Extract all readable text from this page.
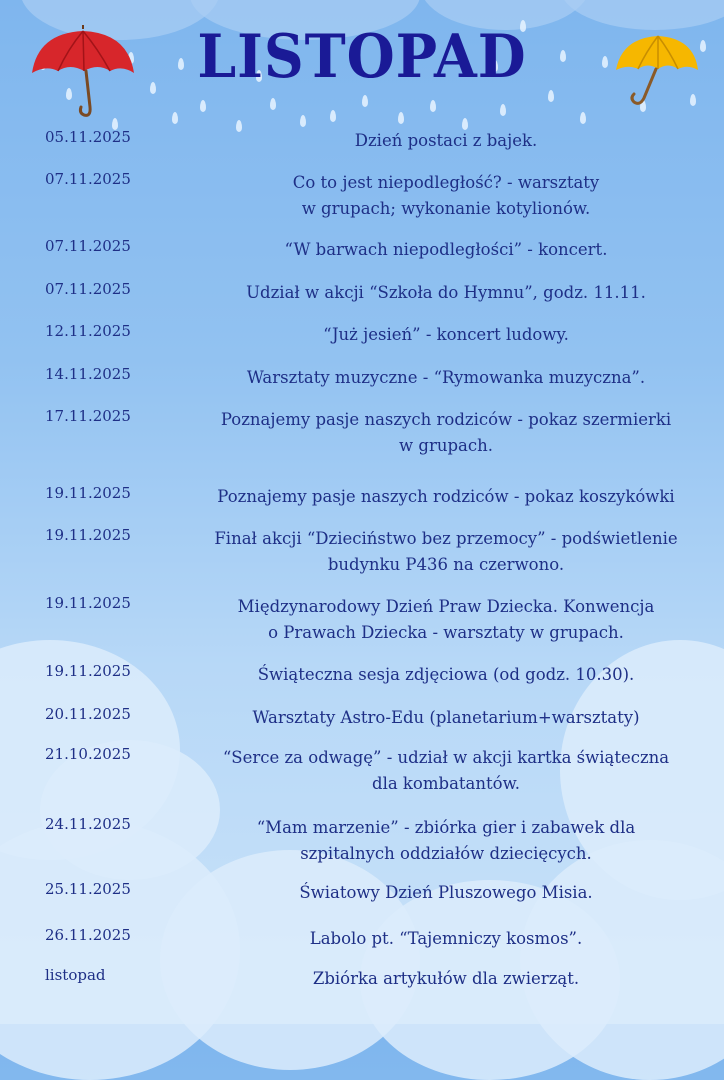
LISTOPAD
05.11.2025	Dzień postaci z bajek.
07.11.2025	Co to jest niepodległość? - warsztaty
w grupach; wykonanie kotylionów.
07.11.2025	“W barwach niepodległości” - koncert.
07.11.2025	Udział w akcji “Szkoła do Hymnu”, godz. 11.11.
12.11.2025	“Już jesień” - koncert ludowy.
14.11.2025	Warsztaty muzyczne - “Rymowanka muzyczna”.
17.11.2025	Poznajemy pasje naszych rodziców - pokaz szermierki
w grupach.
19.11.2025	Poznajemy pasje naszych rodziców - pokaz koszykówki
19.11.2025	Finał akcji “Dzieciństwo bez przemocy” - podświetlenie
budynku P436 na czerwono.
19.11.2025	Międzynarodowy Dzień Praw Dziecka. Konwencja
o Prawach Dziecka - warsztaty w grupach.
19.11.2025	Świąteczna sesja zdjęciowa (od godz. 10.30).
20.11.2025	Warsztaty Astro-Edu (planetarium+warsztaty)
21.10.2025	“Serce za odwagę” - udział w akcji kartka świąteczna
dla kombatantów.
24.11.2025	“Mam marzenie” - zbiórka gier i zabawek dla
szpitalnych oddziałów dziecięcych.
25.11.2025	Światowy Dzień Pluszowego Misia.
26.11.2025	Labolo pt. “Tajemniczy kosmos”.
listopad	Zbiórka artykułów dla zwierząt.
